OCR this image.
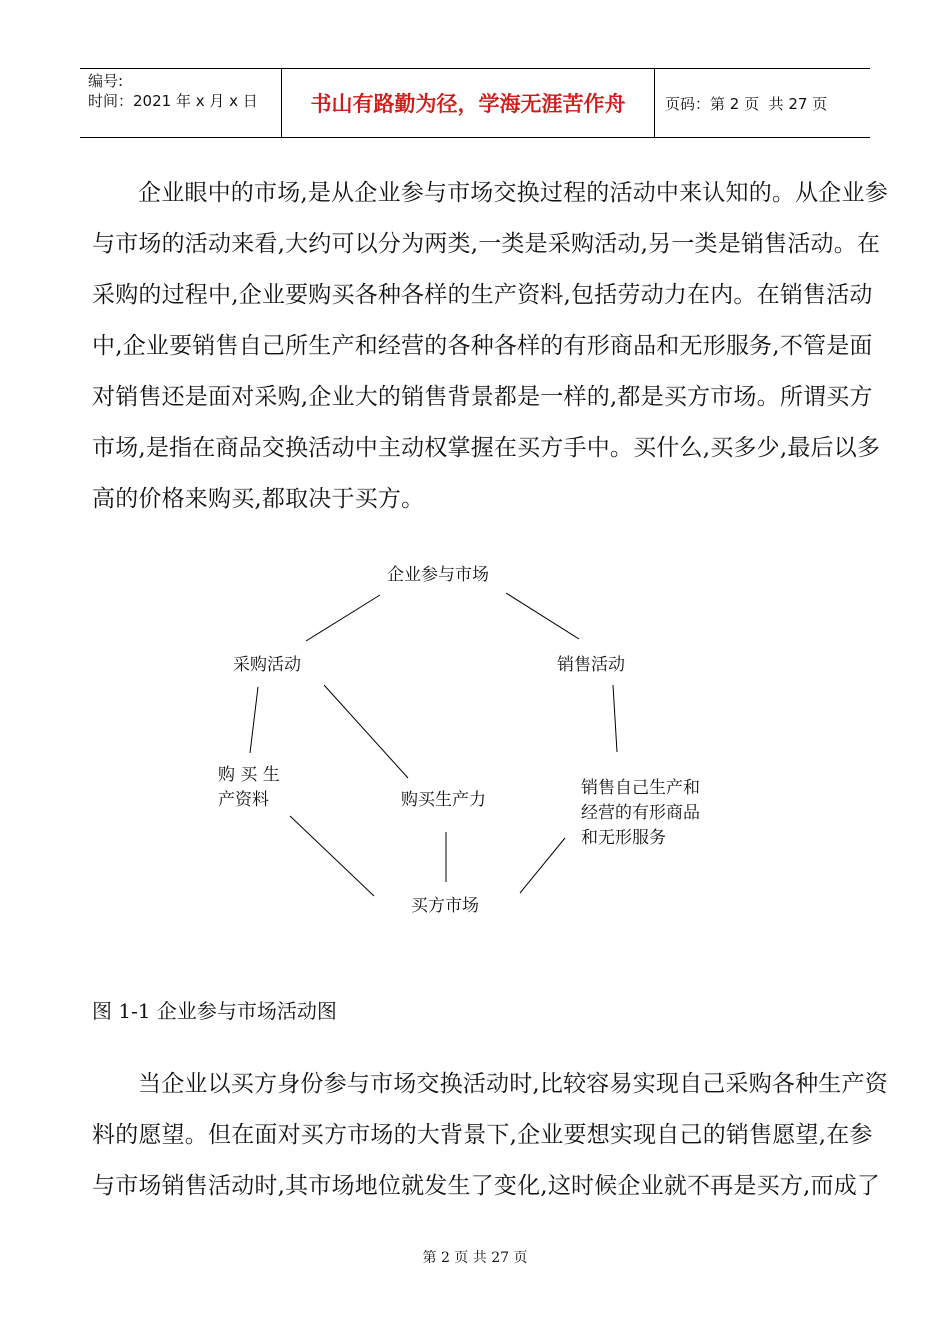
编号:
时间：2021 年 x 月 x 日	书山有路勤为径，学海无涯苦作舟	页码：第 2 页  共 27 页
企业眼中的市场,是从企业参与市场交换过程的活动中来认知的。从企业参
与市场的活动来看,大约可以分为两类,一类是采购活动,另一类是销售活动。在
采购的过程中,企业要购买各种各样的生产资料,包括劳动力在内。在销售活动
中,企业要销售自己所生产和经营的各种各样的有形商品和无形服务,不管是面
对销售还是面对采购,企业大的销售背景都是一样的,都是买方市场。所谓买方
市场,是指在商品交换活动中主动权掌握在买方手中。买什么,买多少,最后以多
高的价格来购买,都取决于买方。
企业参与市场
采购活动	销售活动
购 买 生
产资料	购买生产力
销售自己生产和
经营的有形商品
和无形服务
买方市场
图 1-1 企业参与市场活动图
当企业以买方身份参与市场交换活动时,比较容易实现自己采购各种生产资
料的愿望。但在面对买方市场的大背景下,企业要想实现自己的销售愿望,在参
与市场销售活动时,其市场地位就发生了变化,这时候企业就不再是买方,而成了
第 2 页 共 27 页
